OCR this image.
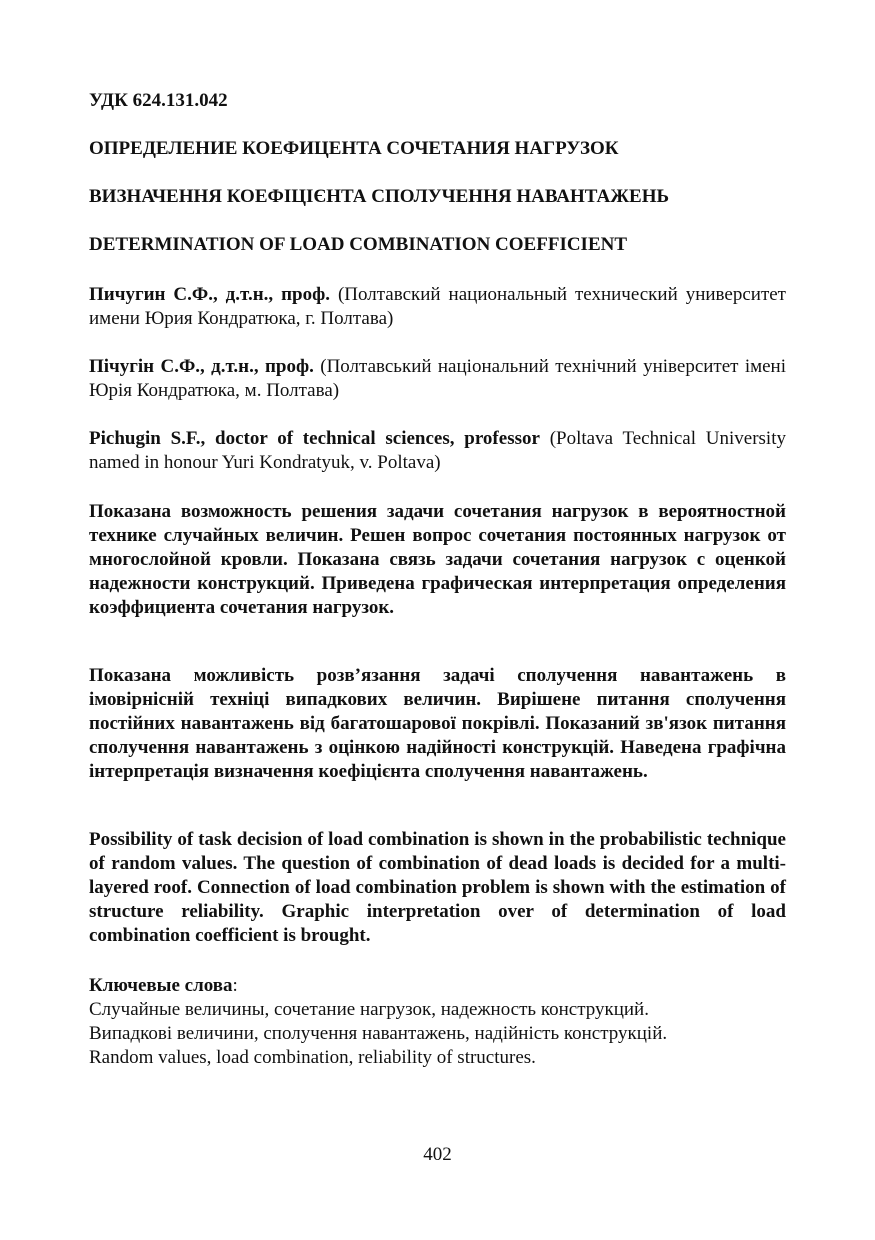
УДК 624.131.042
ОПРЕДЕЛЕНИЕ КОЕФИЦЕНТА СОЧЕТАНИЯ НАГРУЗОК
ВИЗНАЧЕННЯ КОЕФІЦІЄНТА СПОЛУЧЕННЯ НАВАНТАЖЕНЬ
DETERMINATION OF LOAD COMBINATION COEFFICIENT
Пичугин С.Ф., д.т.н., проф. (Полтавский национальный технический университет имени Юрия Кондратюка, г. Полтава)
Пічугін С.Ф., д.т.н., проф. (Полтавський національний технічний університет імені Юрія Кондратюка, м. Полтава)
Pichugin S.F., doctor of technical sciences, professor (Poltava Technical University named in honour Yuri Kondratyuk, v. Poltava)
Показана возможность решения задачи сочетания нагрузок в вероятностной технике случайных величин. Решен вопрос сочетания постоянных нагрузок от многослойной кровли. Показана связь задачи сочетания нагрузок с оценкой надежности конструкций. Приведена графическая интерпретация определения коэффициента сочетания нагрузок.
Показана можливість розв’язання задачі сполучення навантажень в імовірнісній техніці випадкових величин. Вирішене питання сполучення постійних навантажень від багатошарової покрівлі. Показаний зв'язок питання сполучення навантажень з оцінкою надійності конструкцій. Наведена графічна інтерпретація визначення коефіцієнта сполучення навантажень.
Possibility of task decision of load combination is shown in the probabilistic technique of random values. The question of combination of dead loads is decided for a multi-layered roof. Connection of load combination problem is shown with the estimation of structure reliability. Graphic interpretation over of determination of load combination coefficient is brought.
Ключевые слова:
Случайные величины, сочетание нагрузок, надежность конструкций.
Випадкові величини, сполучення навантажень, надійність конструкцій.
Random values, load combination, reliability of structures.
402
